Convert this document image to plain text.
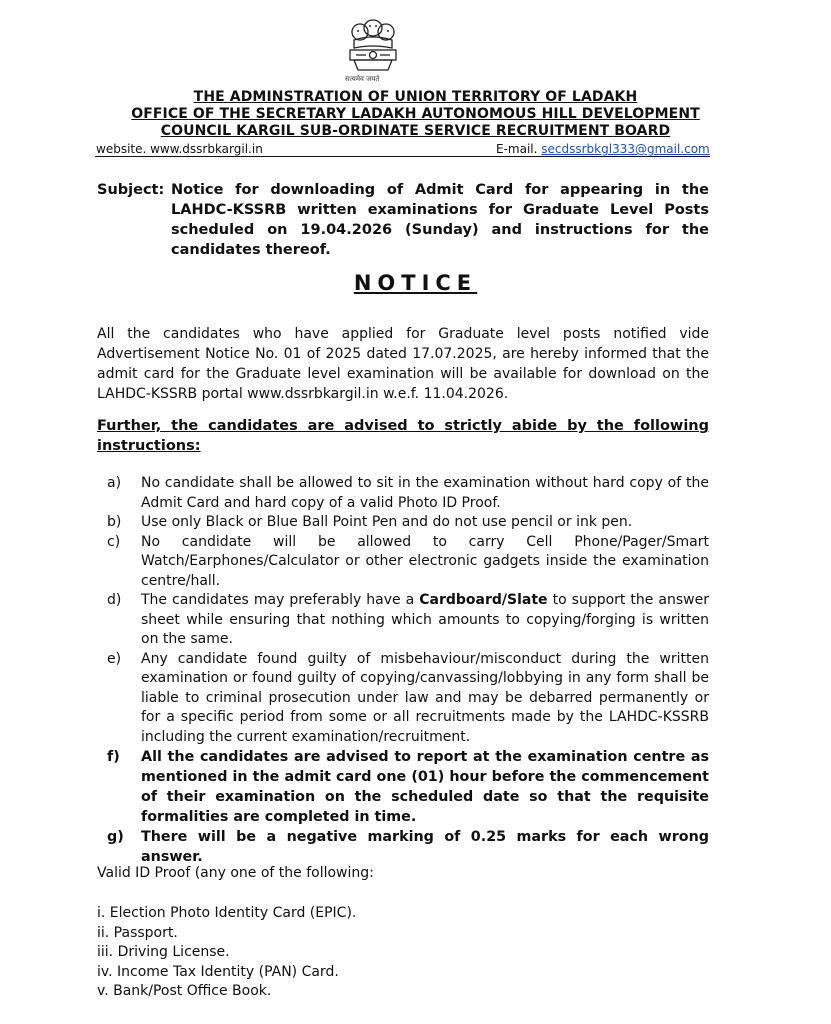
सत्यमेव जयते
THE ADMINSTRATION OF UNION TERRITORY OF LADAKH
OFFICE OF THE SECRETARY LADAKH AUTONOMOUS HILL DEVELOPMENT
COUNCIL KARGIL SUB-ORDINATE SERVICE RECRUITMENT BOARD
website. www.dssrbkargil.in	E-mail. secdssrbkgl333@gmail.com
Subject: Notice for downloading of Admit Card for appearing in the LAHDC-KSSRB written examinations for Graduate Level Posts scheduled on 19.04.2026 (Sunday) and instructions for the candidates thereof.
NOTICE
All the candidates who have applied for Graduate level posts notified vide Advertisement Notice No. 01 of 2025 dated 17.07.2025, are hereby informed that the admit card for the Graduate level examination will be available for download on the LAHDC-KSSRB portal www.dssrbkargil.in w.e.f. 11.04.2026.
Further, the candidates are advised to strictly abide by the following instructions:
a)	No candidate shall be allowed to sit in the examination without hard copy of the Admit Card and hard copy of a valid Photo ID Proof.
b)	Use only Black or Blue Ball Point Pen and do not use pencil or ink pen.
c)	No candidate will be allowed to carry Cell Phone/Pager/Smart Watch/Earphones/Calculator or other electronic gadgets inside the examination centre/hall.
d)	The candidates may preferably have a Cardboard/Slate to support the answer sheet while ensuring that nothing which amounts to copying/forging is written on the same.
e)	Any candidate found guilty of misbehaviour/misconduct during the written examination or found guilty of copying/canvassing/lobbying in any form shall be liable to criminal prosecution under law and may be debarred permanently or for a specific period from some or all recruitments made by the LAHDC-KSSRB including the current examination/recruitment.
f)	All the candidates are advised to report at the examination centre as mentioned in the admit card one (01) hour before the commencement of their examination on the scheduled date so that the requisite formalities are completed in time.
g)	There will be a negative marking of 0.25 marks for each wrong answer.
Valid ID Proof (any one of the following:
i. Election Photo Identity Card (EPIC).
ii. Passport.
iii. Driving License.
iv. Income Tax Identity (PAN) Card.
v. Bank/Post Office Book.
